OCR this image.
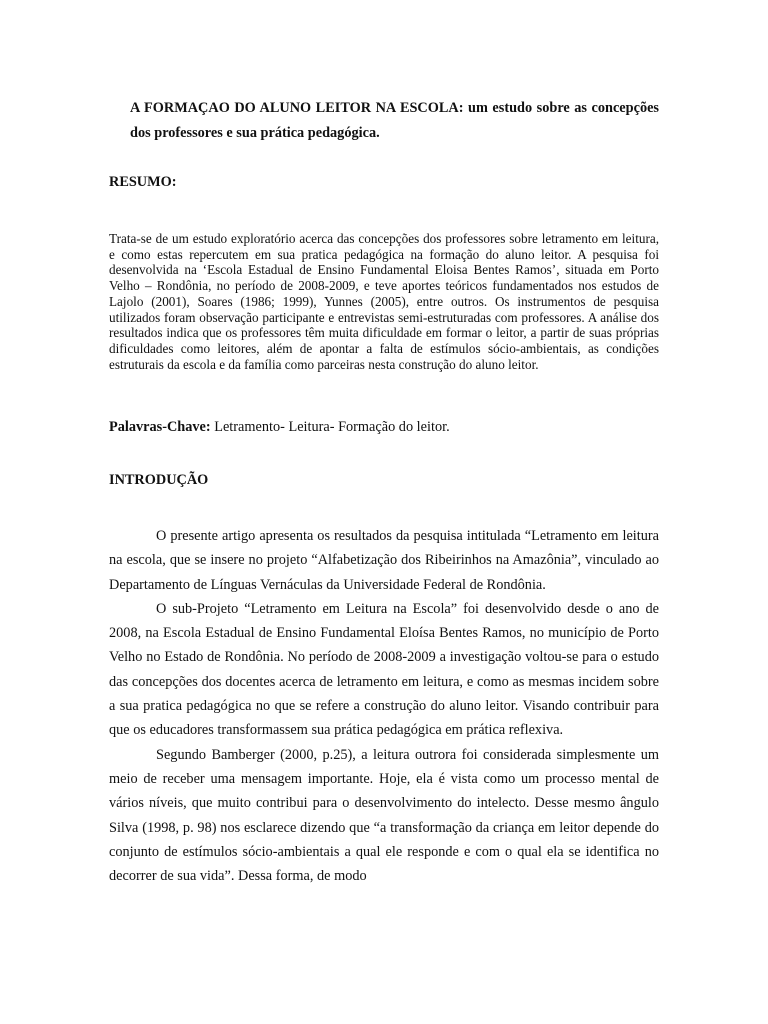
A FORMAÇAO DO ALUNO LEITOR NA ESCOLA: um estudo sobre as concepções dos professores e sua prática pedagógica.

RESUMO:

Trata-se de um estudo exploratório acerca das concepções dos professores sobre letramento em leitura, e como estas repercutem em sua pratica pedagógica na formação do aluno leitor. A pesquisa foi desenvolvida na ‘Escola Estadual de Ensino Fundamental Eloisa Bentes Ramos’, situada em Porto Velho – Rondônia, no período de 2008-2009, e teve aportes teóricos fundamentados nos estudos de Lajolo (2001), Soares (1986; 1999), Yunnes (2005), entre outros. Os instrumentos de pesquisa utilizados foram observação participante e entrevistas semi-estruturadas com professores. A análise dos resultados indica que os professores têm muita dificuldade em formar o leitor, a partir de suas próprias dificuldades como leitores, além de apontar a falta de estímulos sócio-ambientais, as condições estruturais da escola e da família como parceiras nesta construção do aluno leitor.

Palavras-Chave: Letramento- Leitura- Formação do leitor.

INTRODUÇÃO

O presente artigo apresenta os resultados da pesquisa intitulada “Letramento em leitura na escola, que se insere no projeto “Alfabetização dos Ribeirinhos na Amazônia”, vinculado ao Departamento de Línguas Vernáculas da Universidade Federal de Rondônia.

O sub-Projeto “Letramento em Leitura na Escola” foi desenvolvido desde o ano de 2008, na Escola Estadual de Ensino Fundamental Eloísa Bentes Ramos, no município de Porto Velho no Estado de Rondônia. No período de 2008-2009 a investigação voltou-se para o estudo das concepções dos docentes acerca de letramento em leitura, e como as mesmas incidem sobre a sua pratica pedagógica no que se refere a construção do aluno leitor. Visando contribuir para que os educadores transformassem sua prática pedagógica em prática reflexiva.

Segundo Bamberger (2000, p.25), a leitura outrora foi considerada simplesmente um meio de receber uma mensagem importante. Hoje, ela é vista como um processo mental de vários níveis, que muito contribui para o desenvolvimento do intelecto. Desse mesmo ângulo Silva (1998, p. 98) nos esclarece dizendo que “a transformação da criança em leitor depende do conjunto de estímulos sócio-ambientais a qual ele responde e com o qual ela se identifica no decorrer de sua vida”. Dessa forma, de modo
